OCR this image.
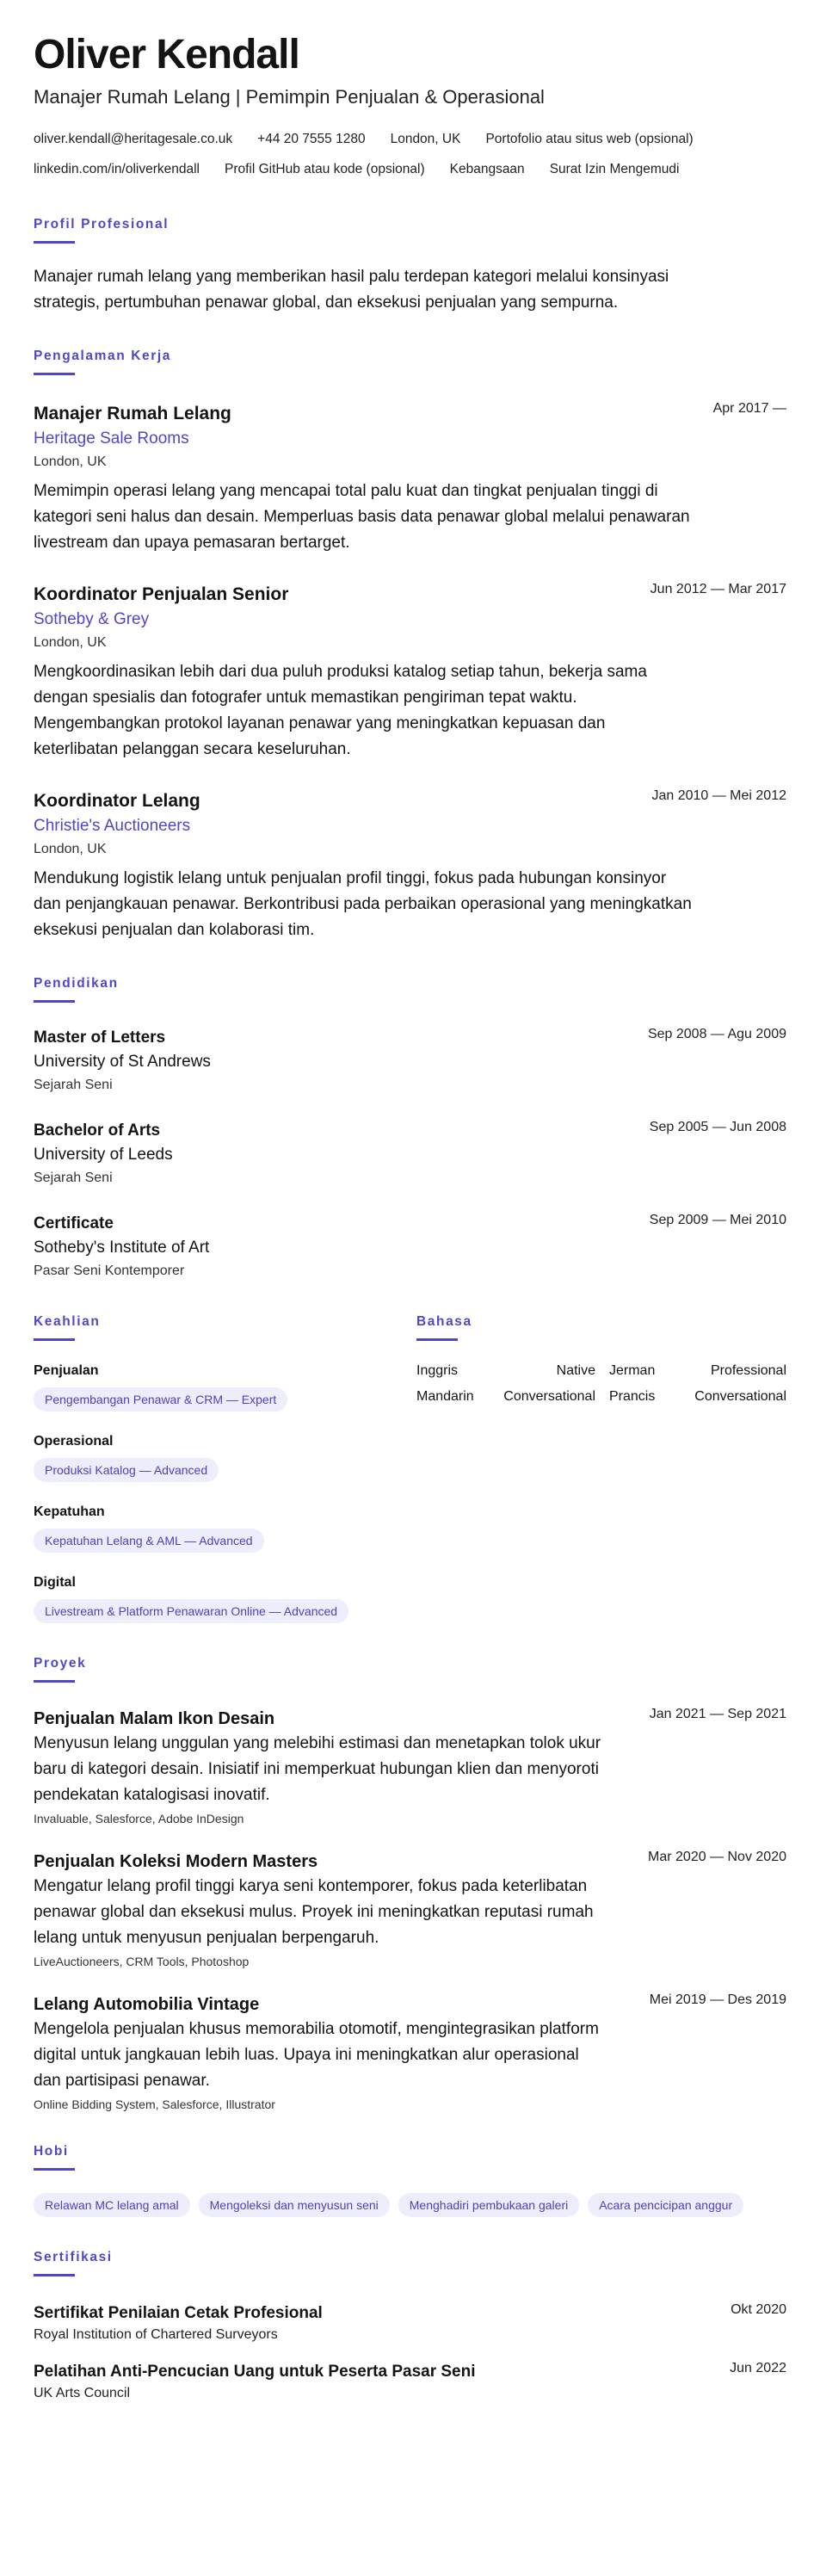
Oliver Kendall
Manajer Rumah Lelang | Pemimpin Penjualan & Operasional
oliver.kendall@heritagesale.co.uk +44 20 7555 1280 London, UK Portofolio atau situs web (opsional)
linkedin.com/in/oliverkendall Profil GitHub atau kode (opsional) Kebangsaan Surat Izin Mengemudi
Profil Profesional

Manajer rumah lelang yang memberikan hasil palu terdepan kategori melalui konsinyasi strategis, pertumbuhan penawar global, dan eksekusi penjualan yang sempurna.

Pengalaman Kerja
Apr 2017 —
Manajer Rumah Lelang
Heritage Sale Rooms
London, UK

Memimpin operasi lelang yang mencapai total palu kuat dan tingkat penjualan tinggi di kategori seni halus dan desain. Memperluas basis data penawar global melalui penawaran livestream dan upaya pemasaran bertarget.

Jun 2012 — Mar 2017
Koordinator Penjualan Senior
Sotheby & Grey
London, UK

Mengkoordinasikan lebih dari dua puluh produksi katalog setiap tahun, bekerja sama dengan spesialis dan fotografer untuk memastikan pengiriman tepat waktu. Mengembangkan protokol layanan penawar yang meningkatkan kepuasan dan keterlibatan pelanggan secara keseluruhan.

Jan 2010 — Mei 2012
Koordinator Lelang
Christie's Auctioneers
London, UK

Mendukung logistik lelang untuk penjualan profil tinggi, fokus pada hubungan konsinyor dan penjangkauan penawar. Berkontribusi pada perbaikan operasional yang meningkatkan eksekusi penjualan dan kolaborasi tim.

Pendidikan
Sep 2008 — Agu 2009
Master of Letters
University of St Andrews
Sejarah Seni
Sep 2005 — Jun 2008
Bachelor of Arts
University of Leeds
Sejarah Seni
Sep 2009 — Mei 2010
Certificate
Sotheby's Institute of Art
Pasar Seni Kontemporer
Keahlian
Penjualan
Pengembangan Penawar & CRM — Expert
Operasional
Produksi Katalog — Advanced
Kepatuhan
Kepatuhan Lelang & AML — Advanced
Digital
Livestream & Platform Penawaran Online — Advanced
Bahasa
Inggris	Native Jerman	Professional
Mandarin Conversational Prancis	Conversational
Proyek
Jan 2021 — Sep 2021
Penjualan Malam Ikon Desain

Menyusun lelang unggulan yang melebihi estimasi dan menetapkan tolok ukur baru di kategori desain. Inisiatif ini memperkuat hubungan klien dan menyoroti pendekatan katalogisasi inovatif.

Invaluable, Salesforce, Adobe InDesign
Mar 2020 — Nov 2020
Penjualan Koleksi Modern Masters

Mengatur lelang profil tinggi karya seni kontemporer, fokus pada keterlibatan penawar global dan eksekusi mulus. Proyek ini meningkatkan reputasi rumah lelang untuk menyusun penjualan berpengaruh.

LiveAuctioneers, CRM Tools, Photoshop
Mei 2019 — Des 2019
Lelang Automobilia Vintage

Mengelola penjualan khusus memorabilia otomotif, mengintegrasikan platform digital untuk jangkauan lebih luas. Upaya ini meningkatkan alur operasional dan partisipasi penawar.

Online Bidding System, Salesforce, Illustrator
Hobi
Relawan MC lelang amal	Mengoleksi dan menyusun seni	Menghadiri pembukaan galeri	Acara pencicipan anggur
Sertifikasi
Okt 2020
Sertifikat Penilaian Cetak Profesional
Royal Institution of Chartered Surveyors
Jun 2022
Pelatihan Anti-Pencucian Uang untuk Peserta Pasar Seni
UK Arts Council
